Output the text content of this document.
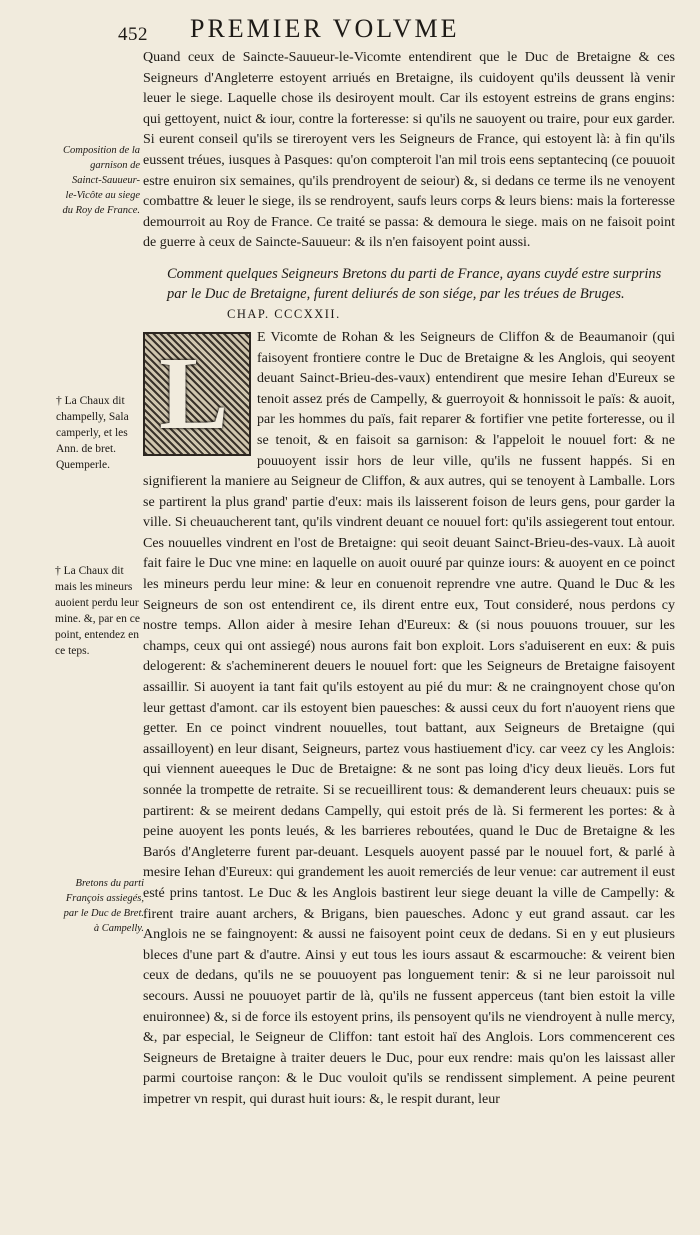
452 PREMIER VOLVME
Composition de la garnison de Sainct-Sauueur-le-Vicôte au siege du Roy de France.
† La Chaux dit champelly, Sala camperly, et les Ann. de bret. Quemperle.
† La Chaux dit mais les mineurs auoient perdu leur mine. &, par en ce point, entendez en ce teps.
Bretons du parti François assiegés, par le Duc de Bret. à Campelly.

Quand ceux de Saincte-Sauueur-le-Vicomte entendirent que le Duc de Bretaigne & ces Seigneurs d'Angleterre estoyent arriués en Bretaigne, ils cuidoyent qu'ils deussent là venir leuer le siege. Laquelle chose ils desiroyent moult. Car ils estoyent estreins de grans engins: qui gettoyent, nuict & iour, contre la forteresse: si qu'ils ne sauoyent ou traire, pour eux garder. Si eurent conseil qu'ils se tireroyent vers les Seigneurs de France, qui estoyent là: à fin qu'ils eussent tréues, iusques à Pasques: qu'on compteroit l'an mil trois eens septantecinq (ce pouuoit estre enuiron six semaines, qu'ils prendroyent de seiour) &, si dedans ce terme ils ne venoyent combattre & leuer le siege, ils se rendroyent, saufs leurs corps & leurs biens: mais la forteresse demourroit au Roy de France. Ce traité se passa: & demoura le siege. mais on ne faisoit point de guerre à ceux de Saincte-Sauueur: & ils n'en faisoyent point aussi.

Comment quelques Seigneurs Bretons du parti de France, ayans cuydé estre surprins par le Duc de Bretaigne, furent deliurés de son siége, par les tréues de Bruges. CHAP. CCCXXII.
L	E Vicomte de Rohan & les Seigneurs de Cliffon & de Beaumanoir (qui faisoyent frontiere contre le Duc de Bretaigne & les Anglois, qui seoyent deuant Sainct-Brieu-des-vaux) entendirent que mesire Iehan d'Eureux se tenoit assez prés de Campelly, & guerroyoit & honnissoit le païs: & auoit, par les hommes du païs, fait reparer & fortifier vne petite forteresse, ou il se tenoit, & en faisoit sa garnison: & l'appeloit le nouuel fort: & ne pouuoyent issir hors de leur ville, qu'ils ne fussent happés. Si en signifierent la maniere au Seigneur de Cliffon, & aux autres, qui se tenoyent à Lamballe. Lors se partirent la plus grand' partie d'eux: mais ils laisserent foison de leurs gens, pour garder la ville. Si cheuaucherent tant, qu'ils vindrent deuant ce nouuel fort: qu'ils assiegerent tout entour. Ces nouuelles vindrent en l'ost de Bretaigne: qui seoit deuant Sainct-Brieu-des-vaux. Là auoit fait faire le Duc vne mine: en laquelle on auoit ouuré par quinze iours: & auoyent en ce poinct les mineurs perdu leur mine: & leur en conuenoit reprendre vne autre. Quand le Duc & les Seigneurs de son ost entendirent ce, ils dirent entre eux, Tout consideré, nous perdons cy nostre temps. Allon aider à mesire Iehan d'Eureux: & (si nous pouuons trouuer, sur les champs, ceux qui ont assiegé) nous aurons fait bon exploit. Lors s'aduiserent en eux: & puis delogerent: & s'acheminerent deuers le nouuel fort: que les Seigneurs de Bretaigne faisoyent assaillir. Si auoyent ia tant fait qu'ils estoyent au pié du mur: & ne craingnoyent chose qu'on leur gettast d'amont. car ils estoyent bien pauesches: & aussi ceux du fort n'auoyent riens que getter. En ce poinct vindrent nouuelles, tout battant, aux Seigneurs de Bretaigne (qui assailloyent) en leur disant, Seigneurs, partez vous hastiuement d'icy. car veez cy les Anglois: qui viennent aueeques le Duc de Bretaigne: & ne sont pas loing d'icy deux lieuës. Lors fut sonnée la trompette de retraite. Si se recueillirent tous: & demanderent leurs cheuaux: puis se partirent: & se meirent dedans Campelly, qui estoit prés de là. Si fermerent les portes: & à peine auoyent les ponts leués, & les barrieres reboutées, quand le Duc de Bretaigne & les Barós d'Angleterre furent par-deuant. Lesquels auoyent passé par le nouuel fort, & parlé à mesire Iehan d'Eureux: qui grandement les auoit remerciés de leur venue: car autrement il eust esté prins tantost. Le Duc & les Anglois bastirent leur siege deuant la ville de Campelly: & firent traire auant archers, & Brigans, bien pauesches. Adonc y eut grand assaut. car les Anglois ne se faingnoyent: & aussi ne faisoyent point ceux de dedans. Si en y eut plusieurs bleces d'une part & d'autre. Ainsi y eut tous les iours assaut & escarmouche: & veirent bien ceux de dedans, qu'ils ne se pouuoyent pas longuement tenir: & si ne leur paroissoit nul secours. Aussi ne pouuoyet partir de là, qu'ils ne fussent apperceus (tant bien estoit la ville enuironnee) &, si de force ils estoyent prins, ils pensoyent qu'ils ne viendroyent à nulle mercy, &, par especial, le Seigneur de Cliffon: tant estoit haï des Anglois. Lors commencerent ces Seigneurs de Bretaigne à traiter deuers le Duc, pour eux rendre: mais qu'on les laissast aller parmi courtoise rançon: & le Duc vouloit qu'ils se rendissent simplement. A peine peurent impetrer vn respit, qui durast huit iours: &, le respit durant, leur
